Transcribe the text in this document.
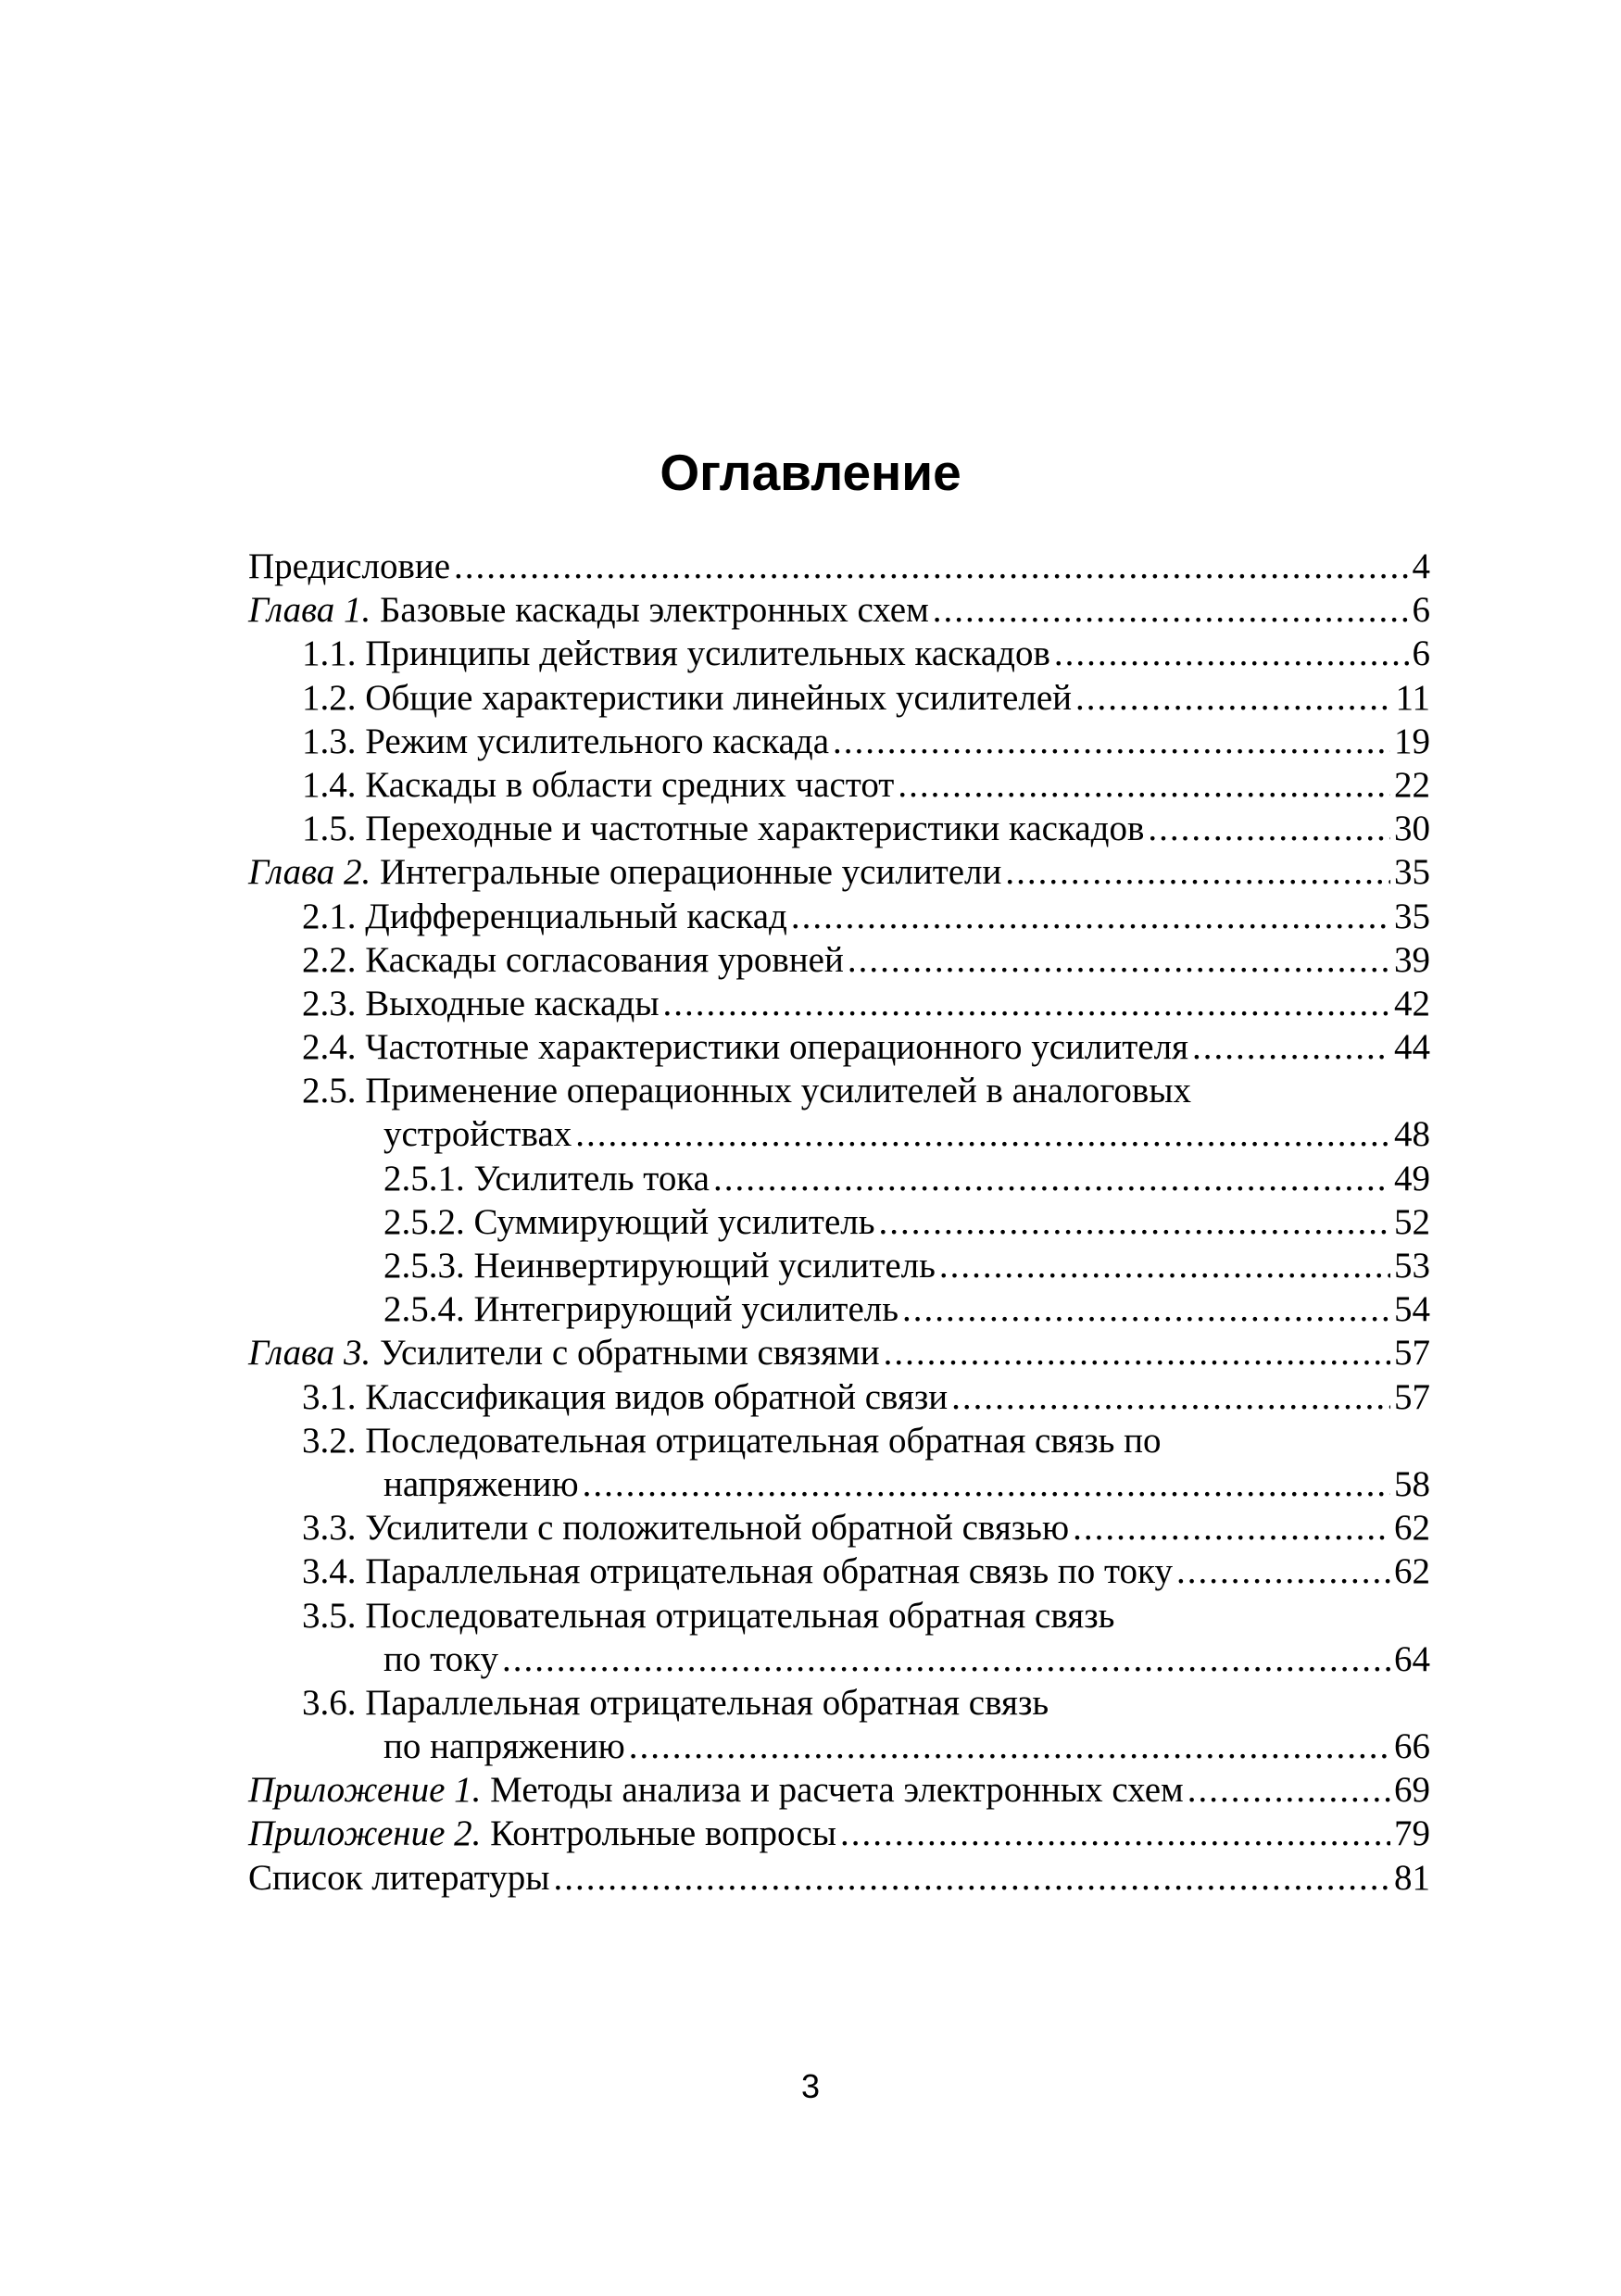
Оглавление
Предисловие .....	4
Глава 1. Базовые каскады электронных схем .....	6
1.1. Принципы действия усилительных каскадов .....	6
1.2. Общие характеристики линейных усилителей .....	11
1.3. Режим усилительного каскада .....	19
1.4. Каскады в области средних частот .....	22
1.5. Переходные и частотные характеристики каскадов .....	30
Глава 2. Интегральные операционные усилители .....	35
2.1. Дифференциальный каскад .....	35
2.2. Каскады согласования уровней .....	39
2.3. Выходные каскады .....	42
2.4. Частотные характеристики операционного усилителя .....	44
2.5. Применение операционных усилителей в аналоговых
устройствах .....	48
2.5.1. Усилитель тока .....	49
2.5.2. Суммирующий усилитель .....	52
2.5.3. Неинвертирующий усилитель .....	53
2.5.4. Интегрирующий усилитель .....	54
Глава 3. Усилители с обратными связями .....	57
3.1. Классификация видов обратной связи .....	57
3.2. Последовательная отрицательная обратная связь по
напряжению .....	58
3.3. Усилители с положительной обратной связью .....	62
3.4. Параллельная отрицательная обратная связь по току .....	62
3.5. Последовательная отрицательная обратная связь
по току .....	64
3.6. Параллельная отрицательная обратная связь
по напряжению .....	66
Приложение 1. Методы анализа и расчета электронных схем .....	69
Приложение 2. Контрольные вопросы .....	79
Список литературы .....	81
3
